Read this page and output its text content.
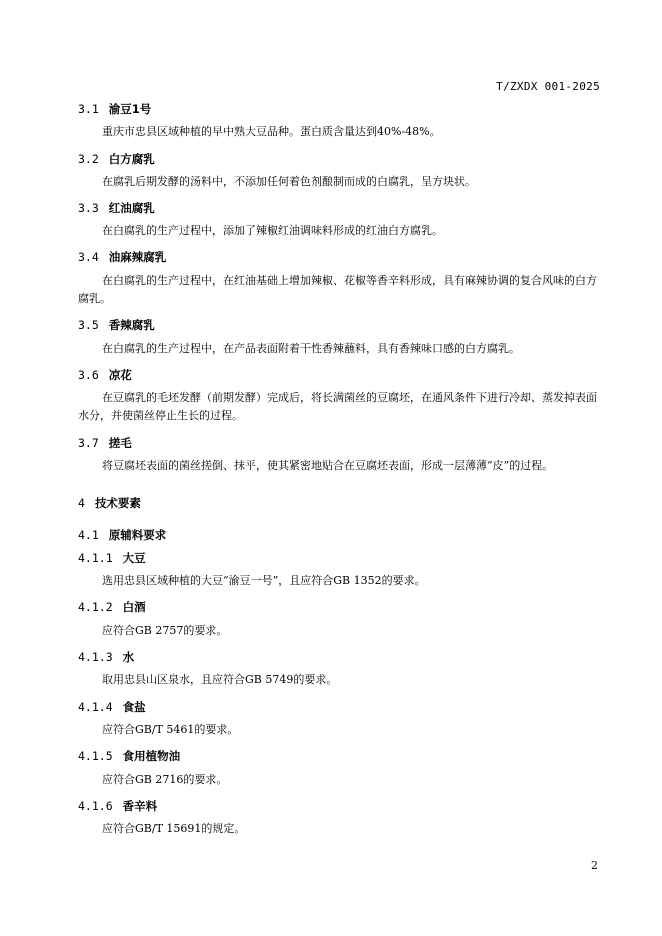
T/ZXDX 001-2025
3.1 渝豆1号
重庆市忠县区域种植的早中熟大豆品种。蛋白质含量达到40%-48%。
3.2 白方腐乳
在腐乳后期发酵的汤料中，不添加任何着色剂酿制而成的白腐乳，呈方块状。
3.3 红油腐乳
在白腐乳的生产过程中，添加了辣椒红油调味料形成的红油白方腐乳。
3.4 油麻辣腐乳
在白腐乳的生产过程中，在红油基础上增加辣椒、花椒等香辛料形成，具有麻辣协调的复合风味的白方腐乳。
3.5 香辣腐乳
在白腐乳的生产过程中，在产品表面附着干性香辣蘸料，具有香辣味口感的白方腐乳。
3.6 凉花
在豆腐乳的毛坯发酵（前期发酵）完成后，将长满菌丝的豆腐坯，在通风条件下进行冷却、蒸发掉表面水分，并使菌丝停止生长的过程。
3.7 搓毛
将豆腐坯表面的菌丝搓倒、抹平，使其紧密地贴合在豆腐坯表面，形成一层薄薄“皮”的过程。
4 技术要素
4.1 原辅料要求
4.1.1 大豆
选用忠县区域种植的大豆“渝豆一号”，且应符合GB 1352的要求。
4.1.2 白酒
应符合GB 2757的要求。
4.1.3 水
取用忠县山区泉水，且应符合GB 5749的要求。
4.1.4 食盐
应符合GB/T 5461的要求。
4.1.5 食用植物油
应符合GB 2716的要求。
4.1.6 香辛料
应符合GB/T 15691的规定。
2
